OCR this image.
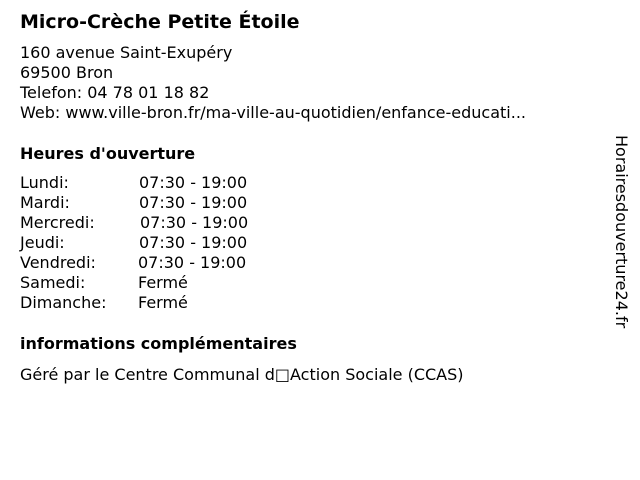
Micro-Crèche Petite Étoile
160 avenue Saint-Exupéry
69500 Bron
Telefon: 04 78 01 18 82
Web: www.ville-bron.fr/ma-ville-au-quotidien/enfance-educati...
Heures d'ouverture
Lundi:	07:30 - 19:00
Mardi:	07:30 - 19:00
Mercredi:	07:30 - 19:00
Jeudi:	07:30 - 19:00
Vendredi:	07:30 - 19:00
Samedi:	Fermé
Dimanche: Fermé
informations complémentaires
Géré par le Centre Communal d□Action Sociale (CCAS)
Horairesdouverture24.fr
